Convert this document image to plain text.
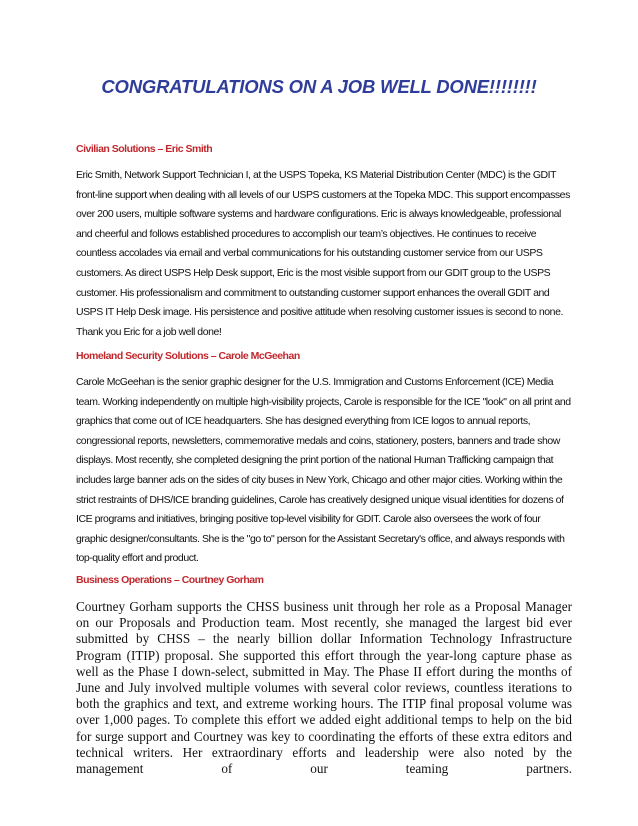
CONGRATULATIONS ON A JOB WELL DONE!!!!!!!!

Civilian Solutions – Eric Smith

Eric Smith, Network Support Technician I, at the USPS Topeka, KS Material Distribution Center (MDC) is the GDIT front-line support when dealing with all levels of our USPS customers at the Topeka MDC. This support encompasses over 200 users, multiple software systems and hardware configurations. Eric is always knowledgeable, professional and cheerful and follows established procedures to accomplish our team’s objectives. He continues to receive countless accolades via email and verbal communications for his outstanding customer service from our USPS customers. As direct USPS Help Desk support, Eric is the most visible support from our GDIT group to the USPS customer. His professionalism and commitment to outstanding customer support enhances the overall GDIT and USPS IT Help Desk image. His persistence and positive attitude when resolving customer issues is second to none. Thank you Eric for a job well done!

Homeland Security Solutions – Carole McGeehan

Carole McGeehan is the senior graphic designer for the U.S. Immigration and Customs Enforcement (ICE) Media team. Working independently on multiple high-visibility projects, Carole is responsible for the ICE "look" on all print and graphics that come out of ICE headquarters. She has designed everything from ICE logos to annual reports, congressional reports, newsletters, commemorative medals and coins, stationery, posters, banners and trade show displays. Most recently, she completed designing the print portion of the national Human Trafficking campaign that includes large banner ads on the sides of city buses in New York, Chicago and other major cities. Working within the strict restraints of DHS/ICE branding guidelines, Carole has creatively designed unique visual identities for dozens of ICE programs and initiatives, bringing positive top-level visibility for GDIT. Carole also oversees the work of four graphic designer/consultants. She is the "go to" person for the Assistant Secretary's office, and always responds with top-quality effort and product.

Business Operations – Courtney Gorham

Courtney Gorham supports the CHSS business unit through her role as a Proposal Manager on our Proposals and Production team. Most recently, she managed the largest bid ever submitted by CHSS – the nearly billion dollar Information Technology Infrastructure Program (ITIP) proposal. She supported this effort through the year-long capture phase as well as the Phase I down-select, submitted in May. The Phase II effort during the months of June and July involved multiple volumes with several color reviews, countless iterations to both the graphics and text, and extreme working hours. The ITIP final proposal volume was over 1,000 pages. To complete this effort we added eight additional temps to help on the bid for surge support and Courtney was key to coordinating the efforts of these extra editors and technical writers. Her extraordinary efforts and leadership were also noted by the management of our teaming partners.
